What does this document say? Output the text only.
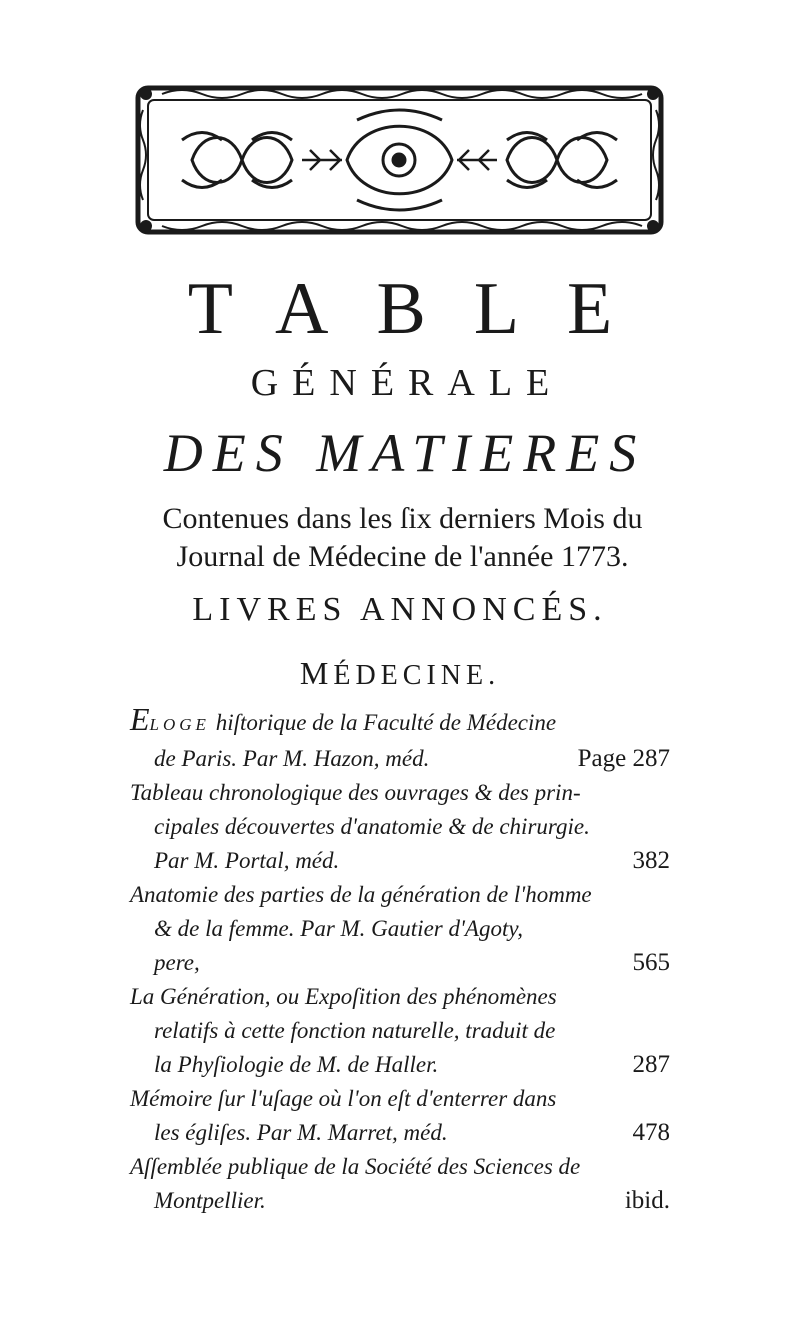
TABLE
GÉNÉRALE
DES MATIERES
Contenues dans les ſix derniers Mois du
Journal de Médecine de l'année 1773.
LIVRES ANNONCÉS.
MÉDECINE.
ELOGE hiſtorique de la Faculté de Médecine
de Paris. Par M. Hazon, méd.	Page 287
Tableau chronologique des ouvrages & des prin-
cipales découvertes d'anatomie & de chirurgie.
Par M. Portal, méd.	382
Anatomie des parties de la génération de l'homme
& de la femme. Par M. Gautier d'Agoty,
pere,	565
La Génération, ou Expoſition des phénomènes
relatifs à cette fonction naturelle, traduit de
la Phyſiologie de M. de Haller.	287
Mémoire ſur l'uſage où l'on eſt d'enterrer dans
les égliſes. Par M. Marret, méd.	478
Aſſemblée publique de la Société des Sciences de
Montpellier.	ibid.
